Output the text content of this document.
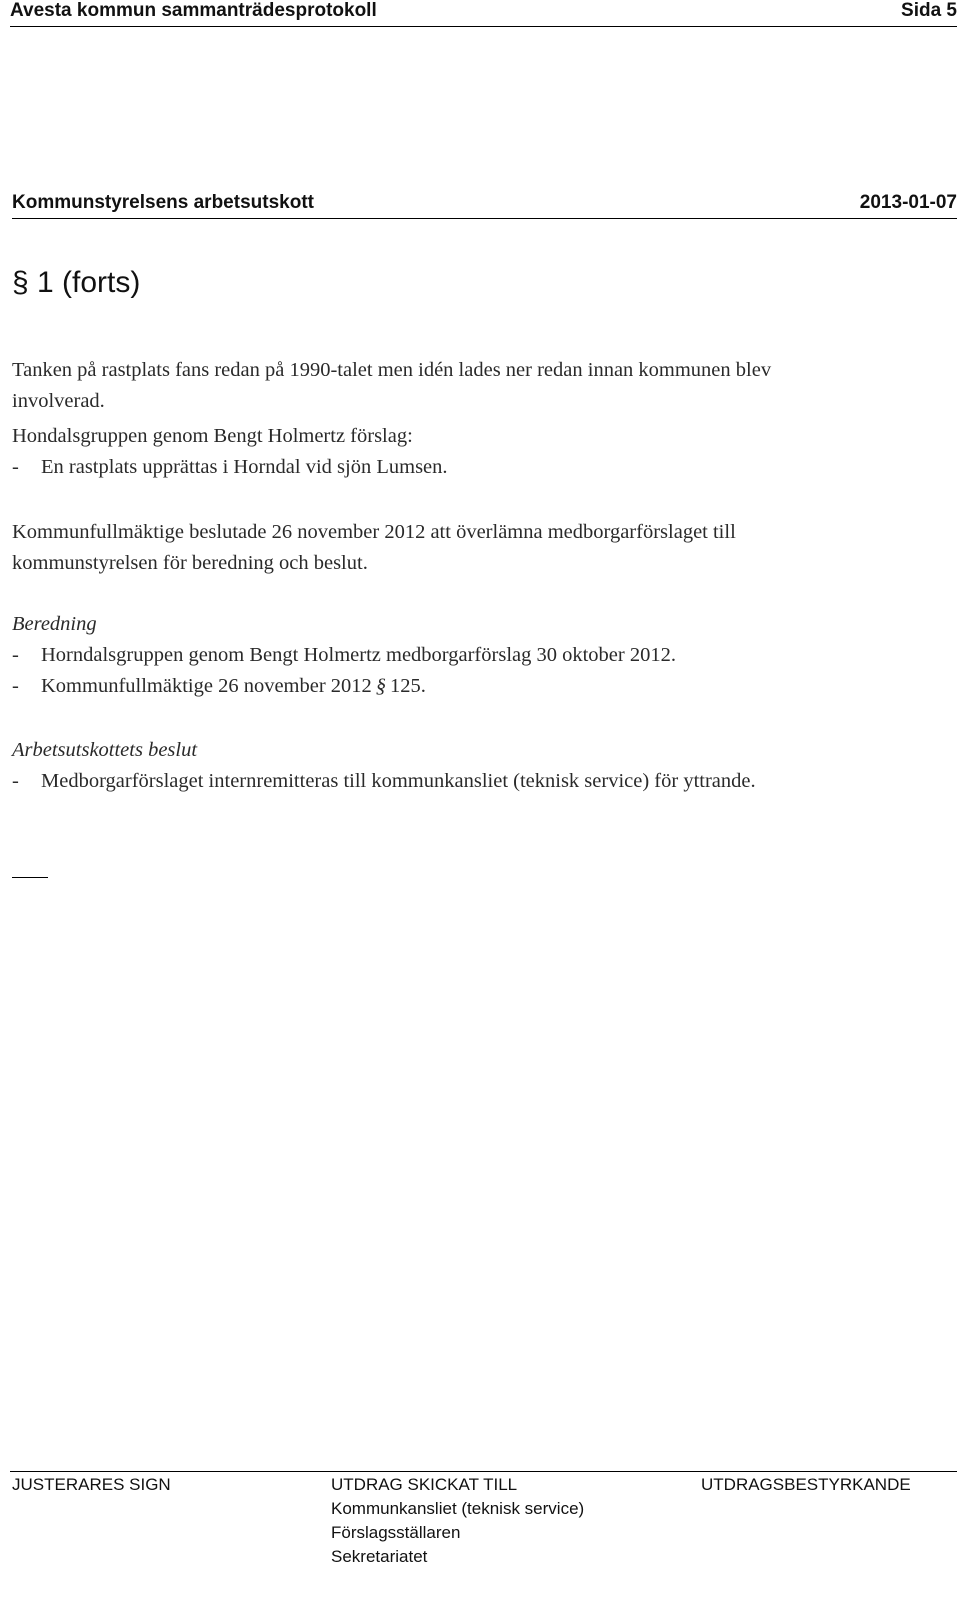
Avesta kommun sammanträdesprotokoll	Sida 5
Kommunstyrelsens arbetsutskott	2013-01-07
§ 1 (forts)

Tanken på rastplats fans redan på 1990-talet men idén lades ner redan innan kommunen blev
involverad.

Hondalsgruppen genom Bengt Holmertz förslag:

- En rastplats upprättas i Horndal vid sjön Lumsen.

Kommunfullmäktige beslutade 26 november 2012 att överlämna medborgarförslaget till
kommunstyrelsen för beredning och beslut.

Beredning

- Horndalsgruppen genom Bengt Holmertz medborgarförslag 30 oktober 2012.

- Kommunfullmäktige 26 november 2012 § 125.

Arbetsutskottets beslut

- Medborgarförslaget internremitteras till kommunkansliet (teknisk service) för yttrande.

JUSTERARES SIGN	UTDRAG SKICKAT TILL
Kommunkansliet (teknisk service)
Förslagsställaren
Sekretariatet
UTDRAGSBESTYRKANDE
